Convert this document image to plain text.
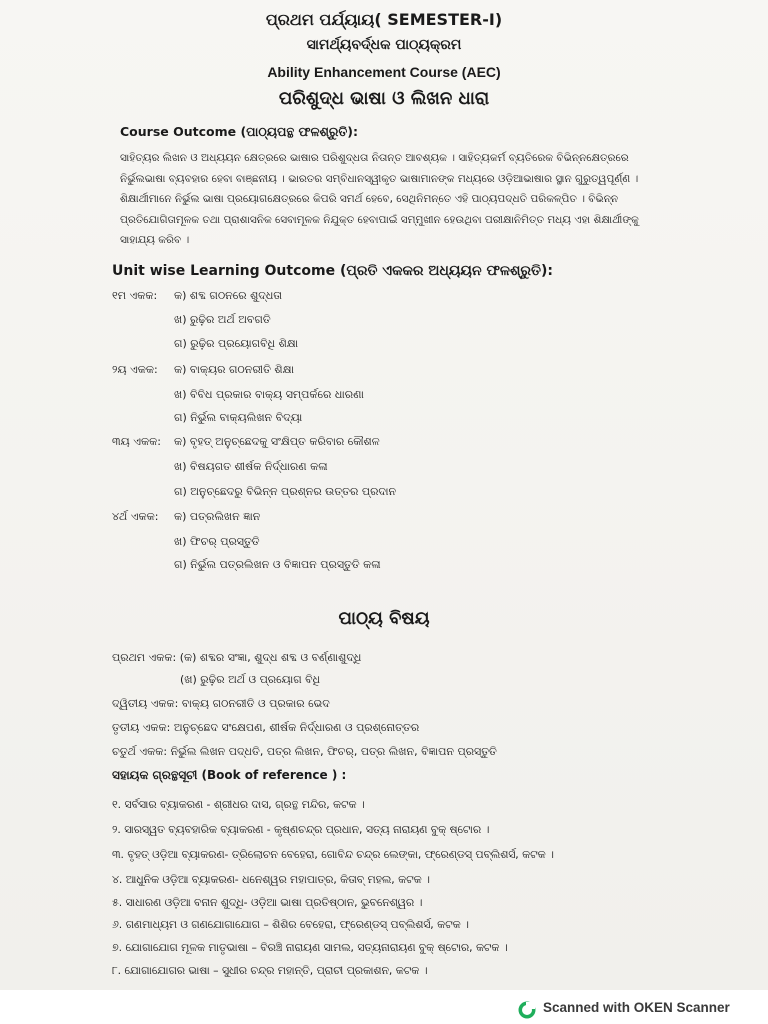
ପ୍ରଥମ ପର୍ଯ୍ୟାୟ( SEMESTER-I)
ସାମର୍ଥ୍ୟବର୍ଦ୍ଧକ ପାଠ୍ୟକ୍ରମ
Ability Enhancement Course (AEC)
ପରିଶୁଦ୍ଧ ଭାଷା ଓ ଲିଖନ ଧାରା
Course Outcome (ପାଠ୍ୟପନ୍ଥ ଫଳଶ୍ରୁତି):
ସାହିତ୍ୟର ଲିଖନ ଓ ଅଧ୍ୟୟନ କ୍ଷେତ୍ରରେ ଭାଷାର ପରିଶୁଦ୍ଧତା ନିତାନ୍ତ ଆବଶ୍ୟକ । ସାହିତ୍ୟକର୍ମ ବ୍ୟତିରେକ ବିଭିନ୍ନକ୍ଷେତ୍ରରେ
ନିର୍ଭୁଲଭାଷା ବ୍ୟବହାର ହେବା ବାଞ୍ଛନୀୟ । ଭାରତର ସମ୍ବିଧାନସ୍ୱୀକୃତ ଭାଷାମାନଙ୍କ ମଧ୍ୟରେ ଓଡ଼ିଆଭାଷାର ସ୍ଥାନ ଗୁରୁତ୍ୱପୂର୍ଣ୍ଣ ।
ଶିକ୍ଷାର୍ଥୀମାନେ ନିର୍ଭୁଲ ଭାଷା ପ୍ରୟୋଗକ୍ଷେତ୍ରରେ କିପରି ସମର୍ଥ ହେବେ, ସେଥିନିମନ୍ତେ ଏହି ପାଠ୍ୟପଦ୍ଧତି ପରିକଳ୍ପିତ । ବିଭିନ୍ନ
ପ୍ରତିଯୋଗିତାମୂଳକ ତଥା ପ୍ରାଶାସନିକ ସେବାମୂଳକ ନିଯୁକ୍ତ ହେବାପାଇଁ ସମ୍ମୁଖୀନ ହେଉଥିବା ପରୀକ୍ଷାନିମିତ୍ତ ମଧ୍ୟ ଏହା ଶିକ୍ଷାର୍ଥୀଙ୍କୁ
ସାହାଯ୍ୟ କରିବ ।
Unit wise Learning Outcome (ପ୍ରତି ଏକକର ଅଧ୍ୟୟନ ଫଳଶ୍ରୁତି):
୧ମ ଏକକ: କ) ଶବ୍ଦ ଗଠନରେ ଶୁଦ୍ଧତା
ଖ) ରୁଢ଼ିର ଅର୍ଥ ଅବଗତି
ଗ) ରୁଢ଼ିର ପ୍ରୟୋଗବିଧି ଶିକ୍ଷା
୨ୟ ଏକକ: କ) ବାକ୍ୟର ଗଠନରୀତି ଶିକ୍ଷା
ଖ) ବିବିଧ ପ୍ରକାର ବାକ୍ୟ ସମ୍ପର୍କରେ ଧାରଣା
ଗ) ନିର୍ଭୁଲ ବାକ୍ୟଲିଖନ ବିଦ୍ୟା
୩ୟ ଏକକ: କ) ବୃହତ୍ ଅନୁଚ୍ଛେଦକୁ ସଂକ୍ଷିପ୍ତ କରିବାର କୌଶଳ
ଖ) ବିଷୟଗତ ଶୀର୍ଷକ ନିର୍ଦ୍ଧାରଣ କଳା
ଗ) ଅନୁଚ୍ଛେଦରୁ ବିଭିନ୍ନ ପ୍ରଶ୍ନର ଉତ୍ତର ପ୍ରଦାନ
୪ର୍ଥ ଏକକ: କ) ପତ୍ରଲିଖନ ଜ୍ଞାନ
ଖ) ଫିଚର୍ ପ୍ରସ୍ତୁତି
ଗ) ନିର୍ଭୁଲ ପତ୍ରଲିଖନ ଓ ବିଜ୍ଞାପନ ପ୍ରସ୍ତୁତି କଳା
ପାଠ୍ୟ ବିଷୟ
ପ୍ରଥମ ଏକକ: (କ) ଶବ୍ଦର ସଂଜ୍ଞା, ଶୁଦ୍ଧ ଶବ୍ଦ ଓ ବର୍ଣ୍ଣାଶୁଦ୍ଧି
(ଖ) ରୁଢ଼ିର ଅର୍ଥ ଓ ପ୍ରୟୋଗ ବିଧି
ଦ୍ୱିତୀୟ ଏକକ: ବାକ୍ୟ ଗଠନରୀତି ଓ ପ୍ରକାର ଭେଦ
ତୃତୀୟ ଏକକ: ଅନୁଚ୍ଛେଦ ସଂକ୍ଷେପଣ, ଶୀର୍ଷକ ନିର୍ଦ୍ଧାରଣ ଓ ପ୍ରଶ୍ନୋତ୍ତର
ଚତୁର୍ଥ ଏକକ: ନିର୍ଭୁଲ ଲିଖନ ପଦ୍ଧତି, ପତ୍ର ଲିଖନ, ଫିଚର୍, ପତ୍ର ଲିଖନ, ବିଜ୍ଞାପନ ପ୍ରସ୍ତୁତି
ସହାୟକ ଗ୍ରନ୍ଥସୂଚୀ (Book of reference ) :
୧. ସର୍ବସାର ବ୍ୟାକରଣ - ଶ୍ରୀଧର ଦାସ, ଗ୍ରନ୍ଥ ମନ୍ଦିର, କଟକ ।
୨. ସାରସ୍ୱତ ବ୍ୟବହାରିକ ବ୍ୟାକରଣ - କୃଷ୍ଣଚନ୍ଦ୍ର ପ୍ରଧାନ, ସତ୍ୟ ନାରାୟଣ ବୁକ୍ ଷ୍ଟୋର ।
୩. ବୃହତ୍ ଓଡ଼ିଆ ବ୍ୟାକରଣ- ତ୍ରିଲୋଚନ ବେହେରା, ଗୋବିନ୍ଦ ଚନ୍ଦ୍ର ଲେଙ୍କା, ଫ୍ରେଣ୍ଡସ୍ ପବ୍ଲିଶର୍ସ, କଟକ ।
୪. ଆଧୁନିକ ଓଡ଼ିଆ ବ୍ୟାକରଣ- ଧନେଶ୍ୱର ମହାପାତ୍ର, କିତାବ୍ ମହଲ, କଟକ ।
୫. ସାଧାରଣ ଓଡ଼ିଆ ବନାନ ଶୁଦ୍ଧି- ଓଡ଼ିଆ ଭାଷା ପ୍ରତିଷ୍ଠାନ, ଭୁବନେଶ୍ୱର ।
୬. ଗଣମାଧ୍ୟମ ଓ ଗଣଯୋଗାଯୋଗ – ଶିଶିର ବେହେରା, ଫ୍ରେଣ୍ଡସ୍ ପବ୍ଲିଶର୍ସ, କଟକ ।
୭. ଯୋଗାଯୋଗ ମୂଳକ ମାତୃଭାଷା – ବିରଞ୍ଚି ନାରାୟଣ ସାମଲ, ସତ୍ୟନାରାୟଣ ବୁକ୍ ଷ୍ଟୋର, କଟକ ।
୮. ଯୋଗାଯୋଗର ଭାଷା – ସୁଧୀର ଚନ୍ଦ୍ର ମହାନ୍ତି, ପ୍ରାଚୀ ପ୍ରକାଶନ, କଟକ ।
Scanned with OKEN Scanner
